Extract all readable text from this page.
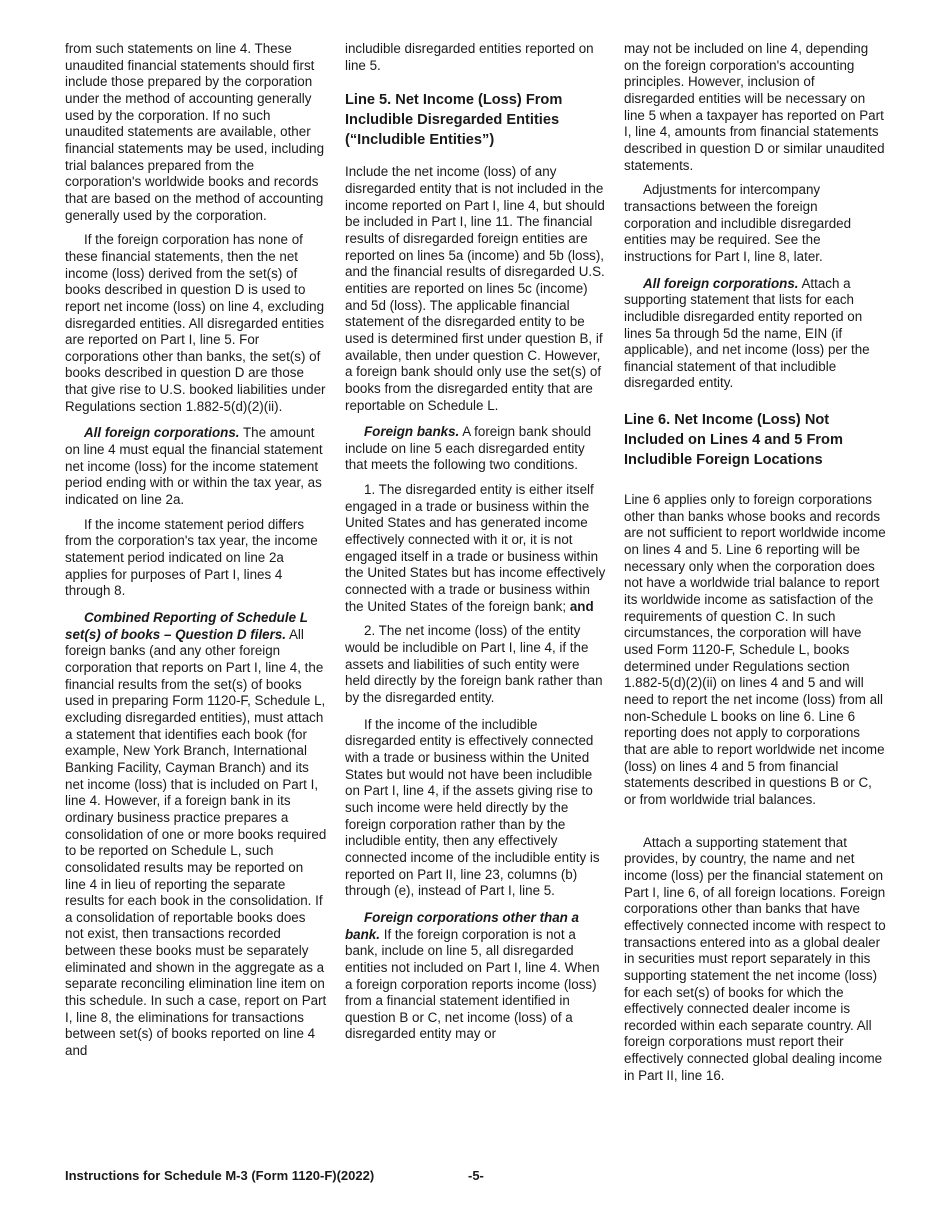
from such statements on line 4. These unaudited financial statements should first include those prepared by the corporation under the method of accounting generally used by the corporation. If no such unaudited statements are available, other financial statements may be used, including trial balances prepared from the corporation's worldwide books and records that are based on the method of accounting generally used by the corporation.

If the foreign corporation has none of these financial statements, then the net income (loss) derived from the set(s) of books described in question D is used to report net income (loss) on line 4, excluding disregarded entities. All disregarded entities are reported on Part I, line 5. For corporations other than banks, the set(s) of books described in question D are those that give rise to U.S. booked liabilities under Regulations section 1.882-5(d)(2)(ii).

All foreign corporations. The amount on line 4 must equal the financial statement net income (loss) for the income statement period ending with or within the tax year, as indicated on line 2a.

If the income statement period differs from the corporation's tax year, the income statement period indicated on line 2a applies for purposes of Part I, lines 4 through 8.

Combined Reporting of Schedule L set(s) of books – Question D filers. All foreign banks (and any other foreign corporation that reports on Part I, line 4, the financial results from the set(s) of books used in preparing Form 1120-F, Schedule L, excluding disregarded entities), must attach a statement that identifies each book (for example, New York Branch, International Banking Facility, Cayman Branch) and its net income (loss) that is included on Part I, line 4. However, if a foreign bank in its ordinary business practice prepares a consolidation of one or more books required to be reported on Schedule L, such consolidated results may be reported on line 4 in lieu of reporting the separate results for each book in the consolidation. If a consolidation of reportable books does not exist, then transactions recorded between these books must be separately eliminated and shown in the aggregate as a separate reconciling elimination line item on this schedule. In such a case, report on Part I, line 8, the eliminations for transactions between set(s) of books reported on line 4 and

includible disregarded entities reported on line 5.

Line 5. Net Income (Loss) From Includible Disregarded Entities (“Includible Entities”)

Include the net income (loss) of any disregarded entity that is not included in the income reported on Part I, line 4, but should be included in Part I, line 11. The financial results of disregarded foreign entities are reported on lines 5a (income) and 5b (loss), and the financial results of disregarded U.S. entities are reported on lines 5c (income) and 5d (loss). The applicable financial statement of the disregarded entity to be used is determined first under question B, if available, then under question C. However, a foreign bank should only use the set(s) of books from the disregarded entity that are reportable on Schedule L.

Foreign banks. A foreign bank should include on line 5 each disregarded entity that meets the following two conditions.

1. The disregarded entity is either itself engaged in a trade or business within the United States and has generated income effectively connected with it or, it is not engaged itself in a trade or business within the United States but has income effectively connected with a trade or business within the United States of the foreign bank; and

2. The net income (loss) of the entity would be includible on Part I, line 4, if the assets and liabilities of such entity were held directly by the foreign bank rather than by the disregarded entity.

If the income of the includible disregarded entity is effectively connected with a trade or business within the United States but would not have been includible on Part I, line 4, if the assets giving rise to such income were held directly by the foreign corporation rather than by the includible entity, then any effectively connected income of the includible entity is reported on Part II, line 23, columns (b) through (e), instead of Part I, line 5.

Foreign corporations other than a bank. If the foreign corporation is not a bank, include on line 5, all disregarded entities not included on Part I, line 4. When a foreign corporation reports income (loss) from a financial statement identified in question B or C, net income (loss) of a disregarded entity may or

may not be included on line 4, depending on the foreign corporation's accounting principles. However, inclusion of disregarded entities will be necessary on line 5 when a taxpayer has reported on Part I, line 4, amounts from financial statements described in question D or similar unaudited statements.

Adjustments for intercompany transactions between the foreign corporation and includible disregarded entities may be required. See the instructions for Part I, line 8, later.

All foreign corporations. Attach a supporting statement that lists for each includible disregarded entity reported on lines 5a through 5d the name, EIN (if applicable), and net income (loss) per the financial statement of that includible disregarded entity.

Line 6. Net Income (Loss) Not Included on Lines 4 and 5 From Includible Foreign Locations

Line 6 applies only to foreign corporations other than banks whose books and records are not sufficient to report worldwide income on lines 4 and 5. Line 6 reporting will be necessary only when the corporation does not have a worldwide trial balance to report its worldwide income as satisfaction of the requirements of question C. In such circumstances, the corporation will have used Form 1120-F, Schedule L, books determined under Regulations section 1.882-5(d)(2)(ii) on lines 4 and 5 and will need to report the net income (loss) from all non-Schedule L books on line 6. Line 6 reporting does not apply to corporations that are able to report worldwide net income (loss) on lines 4 and 5 from financial statements described in questions B or C, or from worldwide trial balances.

Attach a supporting statement that provides, by country, the name and net income (loss) per the financial statement on Part I, line 6, of all foreign locations. Foreign corporations other than banks that have effectively connected income with respect to transactions entered into as a global dealer in securities must report separately in this supporting statement the net income (loss) for each set(s) of books for which the effectively connected dealer income is recorded within each separate country. All foreign corporations must report their effectively connected global dealing income in Part II, line 16.

Instructions for Schedule M-3 (Form 1120-F)(2022)	-5-
